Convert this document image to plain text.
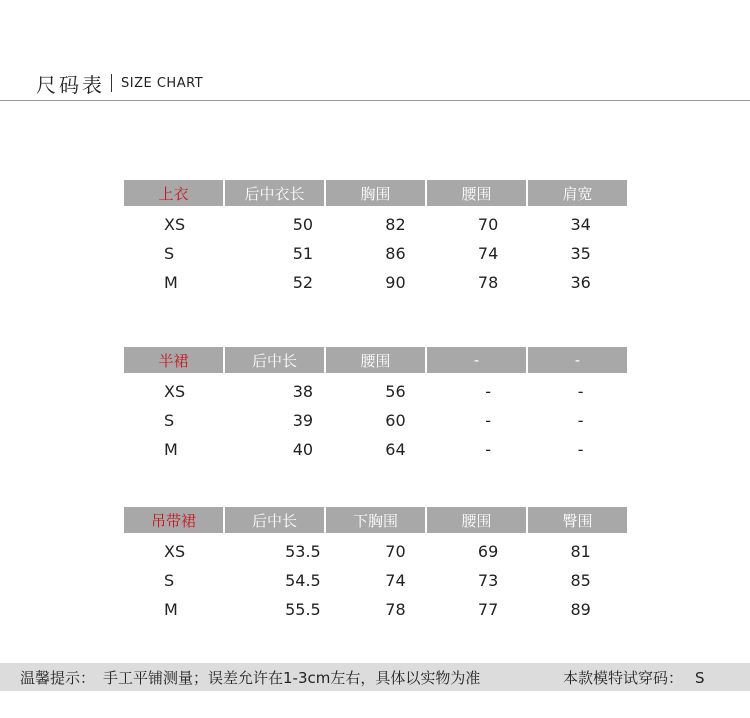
尺码表 SIZE CHART
上衣	后中衣长	胸围	腰围	肩宽
XS	50	82	70	34
S	51	86	74	35
M	52	90	78	36
半裙	后中长	腰围	-	-
XS	38	56	-	-
S	39	60	-	-
M	40	64	-	-
吊带裙	后中长	下胸围	腰围	臀围
XS	53.5	70	69	81
S	54.5	74	73	85
M	55.5	78	77	89
温馨提示： 手工平铺测量；误差允许在1-3cm左右，具体以实物为准	本款模特试穿码： S
